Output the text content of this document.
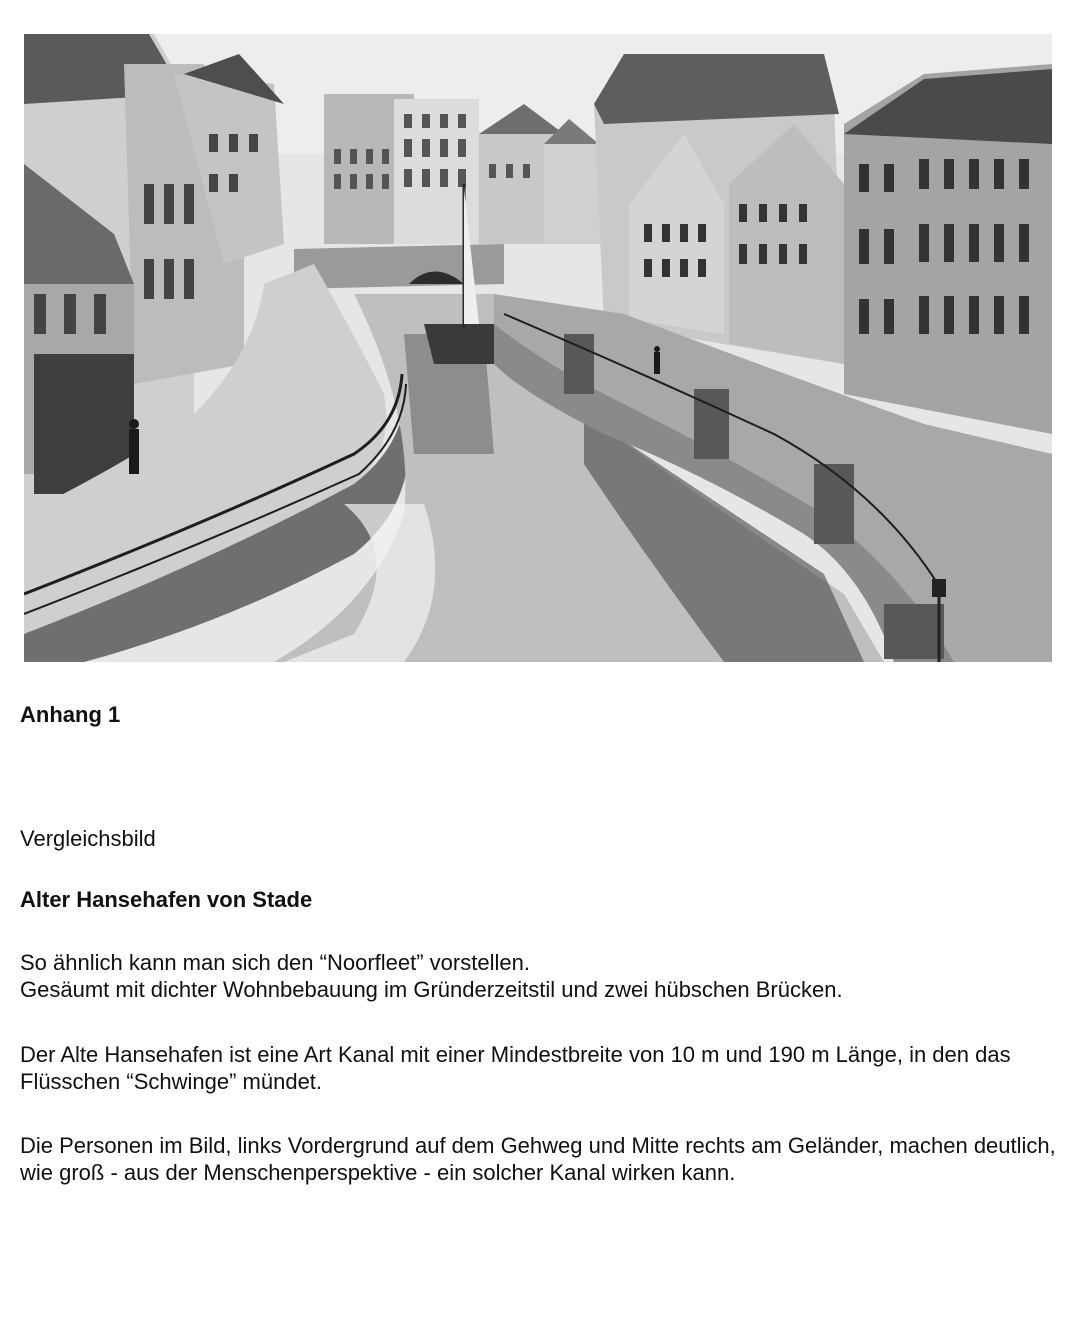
Anhang 1

Vergleichsbild

Alter Hansehafen von Stade

So ähnlich kann man sich den “Noorfleet” vorstellen.
Gesäumt mit dichter Wohnbebauung im Gründerzeitstil und zwei hübschen Brücken.

Der Alte Hansehafen ist eine Art Kanal mit einer Mindestbreite von 10 m und 190 m Länge, in den das Flüsschen “Schwinge” mündet.

Die Personen im Bild, links Vordergrund auf dem Gehweg und Mitte rechts am Geländer, machen deutlich, wie groß - aus der Menschenperspektive - ein solcher Kanal wirken kann.
